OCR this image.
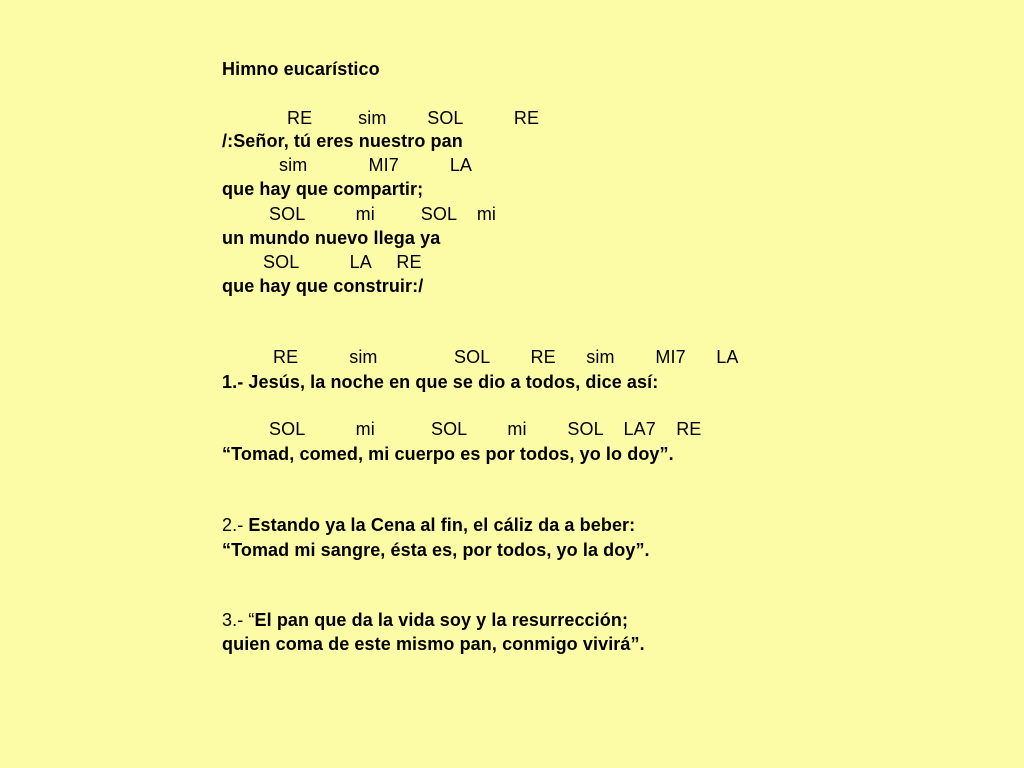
Himno eucarístico
RE         sim        SOL          RE
/:Señor, tú eres nuestro pan
sim            MI7          LA
que hay que compartir;
SOL          mi         SOL    mi
un mundo nuevo llega ya
SOL          LA     RE
que hay que construir:/
RE          sim               SOL        RE      sim        MI7      LA
1.- Jesús, la noche en que se dio a todos, dice así:
SOL          mi           SOL        mi        SOL    LA7    RE
“Tomad, comed, mi cuerpo es por todos, yo lo doy”.
2.- Estando ya la Cena al fin, el cáliz da a beber:
“Tomad mi sangre, ésta es, por todos, yo la doy”.
3.- “El pan que da la vida soy y la resurrección;
quien coma de este mismo pan, conmigo vivirá”.
